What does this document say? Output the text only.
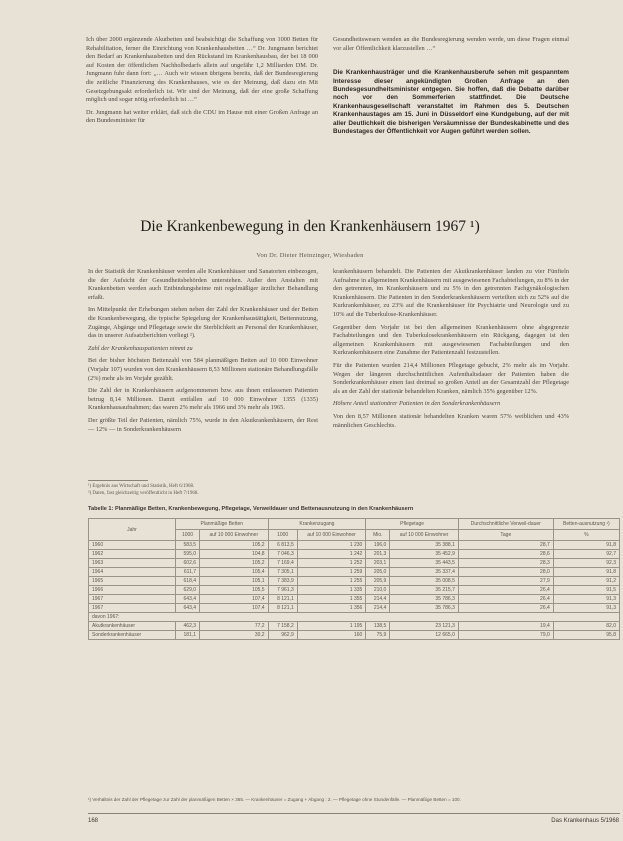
Ich über 2000 ergänzende Akutbetten und beabsichtigt die Schaffung von 1000 Betten für Rehabilitation, ferner die Einrichtung von Krankenhausbetten …“ Dr. Jungmann berichtet den Bedarf an Krankenhausbetten und den Rückstand im Krankenhausbau, der bei 18 000 auf Kosten der öffentlichen Nachholbedarfs allein auf ungefähr 1,2 Milliarden DM. Dr. Jungmann fuhr dann fort: „… Auch wir wissen übrigens bereits, daß der Bundesregierung die zeitliche Finanzierung des Krankenhauses, wie es der Meinung, daß dazu ein Mit Gesetzgebungsakt erforderlich ist. Wir sind der Meinung, daß der eine große Schaffung möglich und sogar nötig erforderlich ist …“

Dr. Jungmann hat weiter erklärt, daß sich die CDU im Hause mit einer Großen Anfrage an den Bundesminister für

Gesundheitswesen wenden an die Bundesregierung wenden werde, um diese Fragen einmal vor aller Öffentlichkeit klarzustellen …“

Die Krankenhausträger und die Krankenhausberufe sehen mit gespanntem Interesse dieser angekündigten Großen Anfrage an den Bundesgesundheitsminister entgegen. Sie hoffen, daß die Debatte darüber noch vor den Sommerferien stattfindet. Die Deutsche Krankenhausgesellschaft veranstaltet im Rahmen des 5. Deutschen Krankenhaustages am 15. Juni in Düsseldorf eine Kundgebung, auf der mit aller Deutlichkeit die bisherigen Versäumnisse der Bundeskabinette und des Bundestages der Öffentlichkeit vor Augen geführt werden sollen.

Die Krankenbewegung in den Krankenhäusern 1967 ¹)
Von Dr. Dieter Heinzinger, Wiesbaden

In der Statistik der Krankenhäuser werden alle Krankenhäuser und Sanatorien einbezogen, die der Aufsicht der Gesundheitsbehörden unterstehen. Außer den Anstalten mit Krankenbetten werden auch Entbindungsheime mit regelmäßiger ärztlicher Behandlung erfaßt.

Im Mittelpunkt der Erhebungen stehen neben der Zahl der Krankenhäuser und der Betten die Krankenbewegung, die typische Spiegelung der Krankenhaustätigkeit, Bettennutzung, Zugänge, Abgänge und Pflegetage sowie die Sterblichkeit an Personal der Krankenhäuser, das in unserer Aufsatzberichten vorliegt ²).

Zahl der Krankenhauspatienten nimmt zu

Bei der bisher höchsten Bettenzahl von 584 planmäßigen Betten auf 10 000 Einwohner (Vorjahr 107) wurden von den Krankenhäusern 8,53 Millionen stationäre Behandlungsfälle (2%) mehr als im Vorjahr gezählt.

Die Zahl der in Krankenhäusern aufgenommenen bzw. aus ihnen entlassenen Patienten betrug 8,14 Millionen. Damit entfallen auf 10 000 Einwohner 1355 (1335) Krankenhausaufnahmen; das waren 2% mehr als 1966 und 3% mehr als 1965.

Der größte Teil der Patienten, nämlich 75%, wurde in den Akutkrankenhäusern, der Rest — 12% — in Sonderkrankenhäusern

¹) Ergebnis aus Wirtschaft und Statistik, Heft 6/1968.
²) Daten, fast gleichzeitig veröffentlicht in Heft 7/1968.

krankenhäusern behandelt. Die Patienten der Akutkrankenhäuser landen zu vier Fünfteln Aufnahme in allgemeinen Krankenhäusern mit ausgewiesenen Fachabteilungen, zu 8% in der den getrennten, im Krankenhäusern und zu 5% in den getrennten Fachgynäkologischen Krankenhäusern. Die Patienten in den Sonderkrankenhäusern verteilten sich zu 52% auf die Kurkrankenhäuser, zu 23% auf die Krankenhäuser für Psychiatrie und Neurologie und zu 10% auf die Tuberkulose-Krankenhäuser.

Gegenüber dem Vorjahr ist bei den allgemeinen Krankenhäusern ohne abgegrenzte Fachabteilungen und den Tuberkulosekrankenhäusern ein Rückgang, dagegen ist den allgemeinen Krankenhäusern mit ausgewiesenen Fachabteilungen und den Kurkrankenhäusern eine Zunahme der Patientenzahl festzustellen.

Für die Patienten wurden 214,4 Millionen Pflegetage gebucht, 2% mehr als im Vorjahr. Wegen der längeren durchschnittlichen Aufenthaltsdauer der Patienten haben die Sonderkrankenhäuser einen fast dreimal so großen Anteil an der Gesamtzahl der Pflegetage als an der Zahl der stationär behandelten Kranken, nämlich 35% gegenüber 12%.

Höhere Anteil stationärer Patienten in den Sonderkrankenhäusern

Von den 8,57 Millionen stationär behandelten Kranken waren 57% weiblichen und 43% männlichen Geschlechts.

Tabelle 1: Planmäßige Betten, Krankenbewegung, Pflegetage, Verweildauer und Bettenausnutzung in den Krankenhäusern
Jahr	Planmäßige Betten		Krankenzugang		Pflegetage		Durchschnittliche Verweil-dauer	Betten-ausnutzung ¹)
	1000	auf 10 000 Einwohner	1000	auf 10 000 Einwohner	Mio.	auf 10 000 Einwohner	Tage	%
1960	583,5	105,2	6 813,5	1 230	196,0	35 388,1	28,7	91,8
1962	595,0	104,8	7 046,3	1 242	201,3	35 452,9	28,6	92,7
1963	602,6	105,2	7 169,4	1 252	203,1	35 443,5	28,3	92,3
1964	611,7	105,4	7 305,1	1 259	205,0	35 337,4	28,0	91,8
1965	618,4	105,1	7 383,9	1 255	205,9	35 008,5	27,9	91,2
1966	629,0	105,5	7 961,3	1 335	210,0	35 215,7	26,4	91,5
1967	643,4	107,4	8 121,1	1 355	214,4	35 786,3	26,4	91,3
1967	643,4	107,4	8 121,1	1 356	214,4	35 786,3	26,4	91,3
davon 1967:								
Akutkrankenhäuser	462,3	77,2	7 158,2	1 195	138,5	23 121,3	19,4	82,0
Sonderkrankenhäuser	181,1	30,2	962,9	160	75,9	12 665,0	79,0	95,8
¹) Verhältnis der Zahl der Pflegetage zur Zahl der planmäßigen Betten × 365. — Krankenhäuser = Zugang + Abgang : 2. — Pflegetage ohne Stundenfälle. — Planmäßige Betten = 100.
168	Das Krankenhaus 5/1968
